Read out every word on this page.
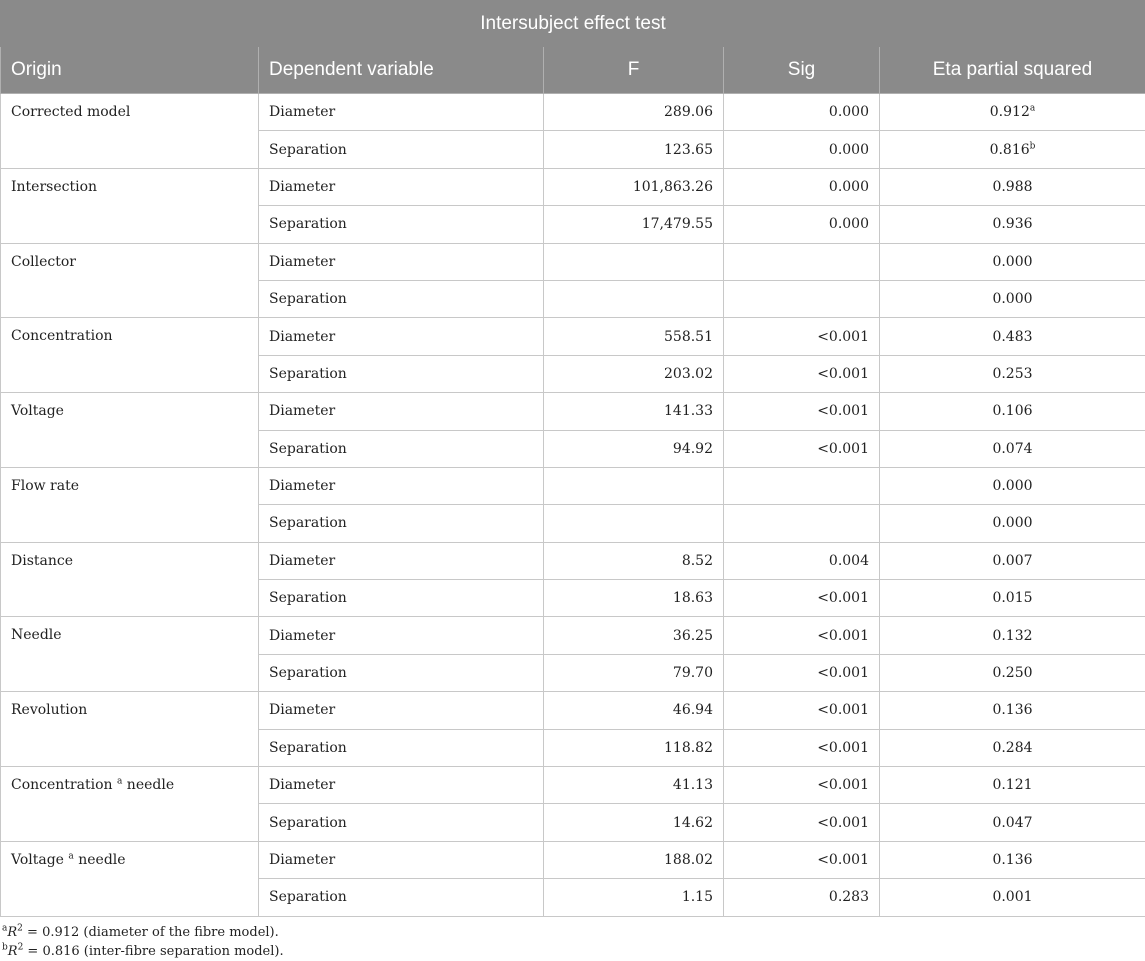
Intersubject effect test				
Origin	Dependent variable	F	Sig	Eta partial squared
Corrected model	Diameter	289.06	0.000	0.912$^a$
	Separation	123.65	0.000	0.816$^b$
Intersection	Diameter	101,863.26	0.000	0.988
	Separation	17,479.55	0.000	0.936
Collector	Diameter			0.000
	Separation			0.000
Concentration	Diameter	558.51	<0.001	0.483
	Separation	203.02	<0.001	0.253
Voltage	Diameter	141.33	<0.001	0.106
	Separation	94.92	<0.001	0.074
Flow rate	Diameter			0.000
	Separation			0.000
Distance	Diameter	8.52	0.004	0.007
	Separation	18.63	<0.001	0.015
Needle	Diameter	36.25	<0.001	0.132
	Separation	79.70	<0.001	0.250
Revolution	Diameter	46.94	<0.001	0.136
	Separation	118.82	<0.001	0.284
Concentration $^a$ needle	Diameter	41.13	<0.001	0.121
	Separation	14.62	<0.001	0.047
Voltage $^a$ needle	Diameter	188.02	<0.001	0.136
	Separation	1.15	0.283	0.001
$^aR^2 = 0.912$ (diameter of the fibre model).
$^bR^2 = 0.816$ (inter-fibre separation model).
